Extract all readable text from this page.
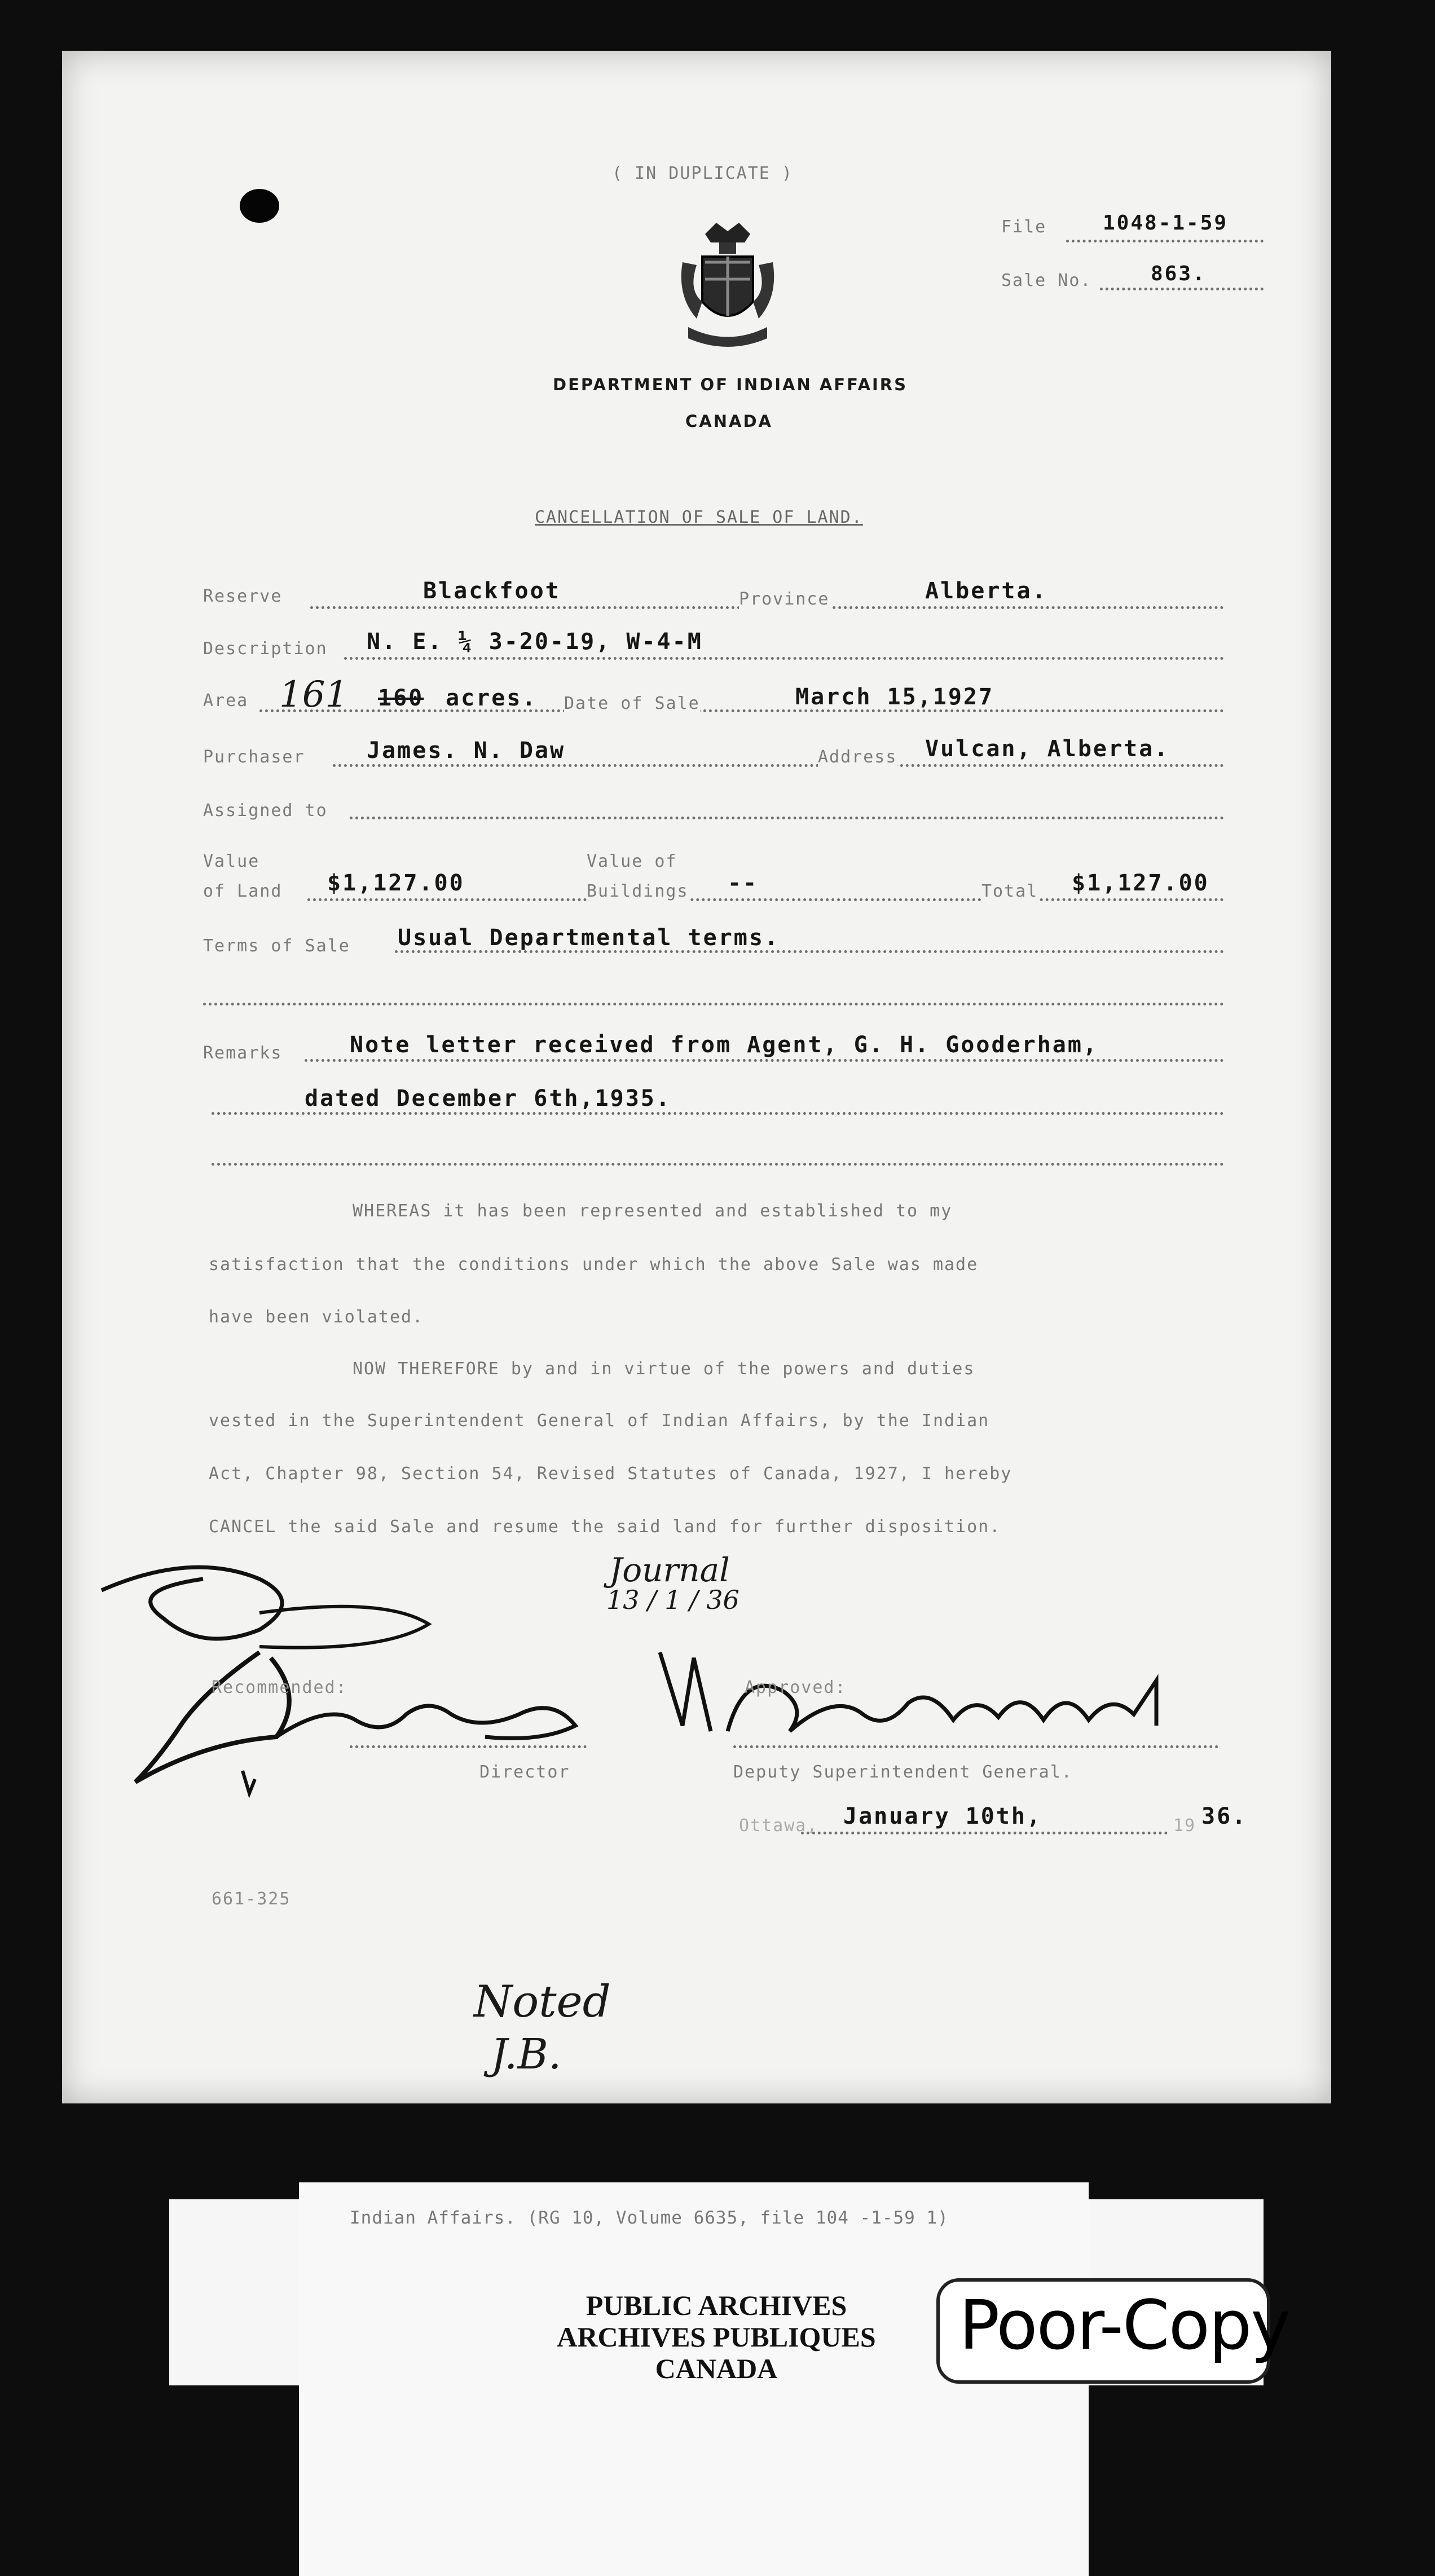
( IN DUPLICATE )
File	1048-1-59
Sale No.	863.
DEPARTMENT OF INDIAN AFFAIRS
CANADA
CANCELLATION OF SALE OF LAND.
Reserve	Blackfoot	Province	Alberta.
Description N. E. ¼ 3-20-19, W-4-M
Area 161 160 acres. Date of Sale	March 15,1927
Purchaser	James. N. Daw	Address Vulcan, Alberta.
Assigned to
Value
of Land $1,127.00
Value of
Buildings --	Total $1,127.00
Terms of Sale Usual Departmental terms.
Remarks	Note letter received from Agent, G. H. Gooderham,
dated December 6th,1935.
WHEREAS it has been represented and established to my
satisfaction that the conditions under which the above Sale was made
have been violated.
NOW THEREFORE by and in virtue of the powers and duties
vested in the Superintendent General of Indian Affairs, by the Indian
Act, Chapter 98, Section 54, Revised Statutes of Canada, 1927, I hereby
CANCEL the said Sale and resume the said land for further disposition.
Journal
13 / 1 / 36
Recommended:
Director
Approved:
Deputy Superintendent General.
Ottawa, January 10th,	19 36.
661-325
Noted
J.B.
Indian Affairs. (RG 10, Volume 6635, file 104 -1-59 1)
PUBLIC ARCHIVES
ARCHIVES PUBLIQUES
CANADA
Poor-Copy
